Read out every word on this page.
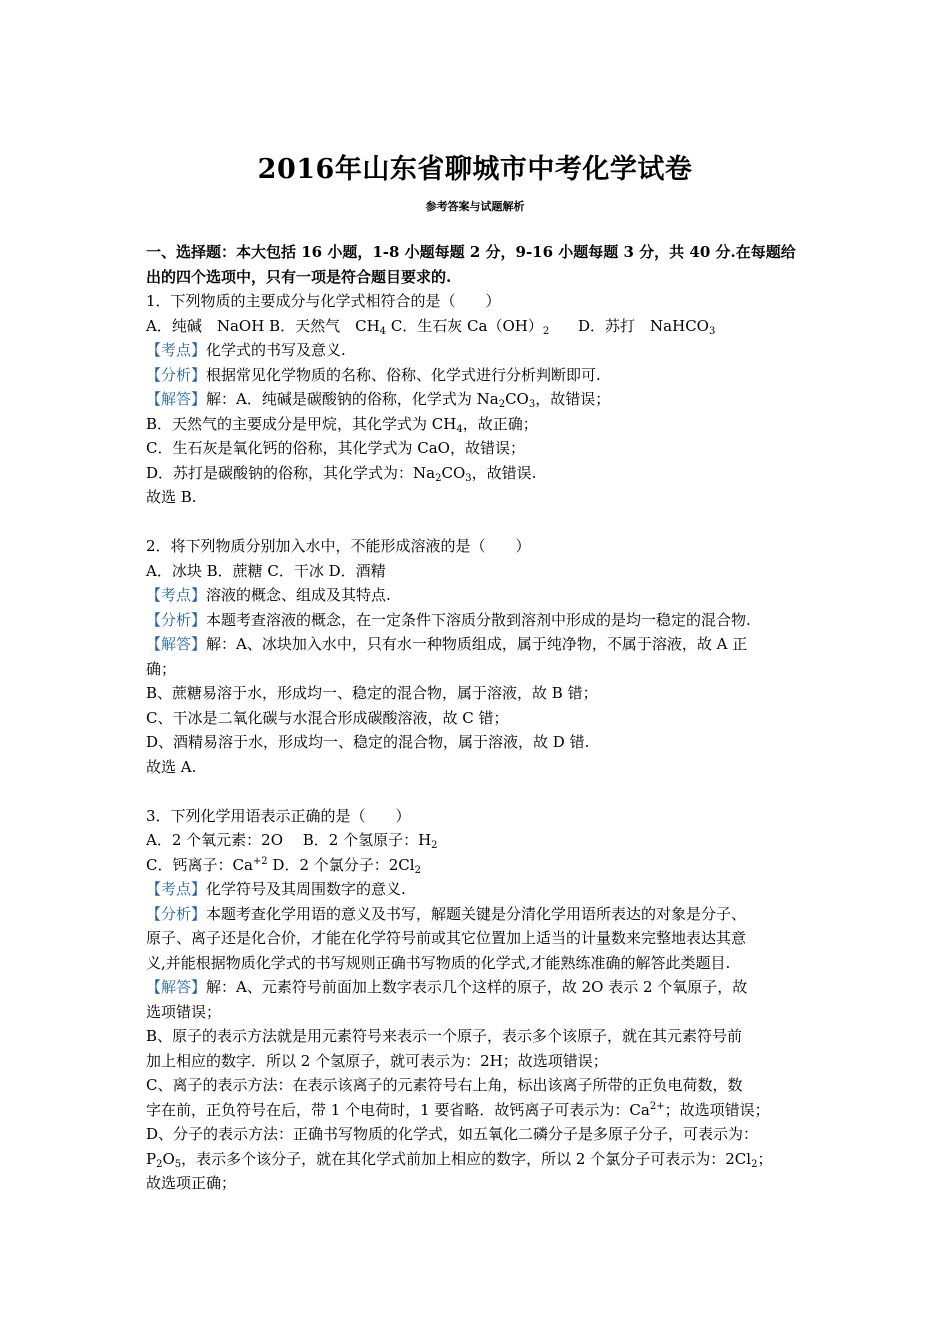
2016年山东省聊城市中考化学试卷
参考答案与试题解析
一、选择题：本大包括 16 小题，1-8 小题每题 2 分，9-16 小题每题 3 分，共 40 分.在每题给
出的四个选项中，只有一项是符合题目要求的.
1．下列物质的主要成分与化学式相符合的是（　　）
A．纯碱　NaOH B．天然气　$CH_4$ C．生石灰 $Ca(OH)_2$ D．苏打　NaHCO$_3$
【考点】化学式的书写及意义.
【分析】根据常见化学物质的名称、俗称、化学式进行分析判断即可.
【解答】解：A．纯碱是碳酸钠的俗称，化学式为 $Na_2CO_3$，故错误；
B．天然气的主要成分是甲烷，其化学式为 $CH_4$，故正确；
C．生石灰是氧化钙的俗称，其化学式为 CaO，故错误；
D．苏打是碳酸钠的俗称，其化学式为：$Na_2CO_3$，故错误.
故选 B.
2．将下列物质分别加入水中，不能形成溶液的是（　　）
A．冰块 B．蔗糖 C．干冰 D．酒精
【考点】溶液的概念、组成及其特点.
【分析】本题考查溶液的概念，在一定条件下溶质分散到溶剂中形成的是均一稳定的混合物.
【解答】解：A、冰块加入水中，只有水一种物质组成，属于纯净物，不属于溶液，故 A 正
确；
B、蔗糖易溶于水，形成均一、稳定的混合物，属于溶液，故 B 错；
C、干冰是二氧化碳与水混合形成碳酸溶液，故 C 错；
D、酒精易溶于水，形成均一、稳定的混合物，属于溶液，故 D 错.
故选 A.
3．下列化学用语表示正确的是（　　）
A．2 个氧元素：2O　 B．2 个氢原子：$H_2$
C．钙离子：$Ca^{+2}$ D．2 个氯分子：$2Cl_2$
【考点】化学符号及其周围数字的意义.
【分析】本题考查化学用语的意义及书写，解题关键是分清化学用语所表达的对象是分子、
原子、离子还是化合价，才能在化学符号前或其它位置加上适当的计量数来完整地表达其意
义,并能根据物质化学式的书写规则正确书写物质的化学式,才能熟练准确的解答此类题目.
【解答】解：A、元素符号前面加上数字表示几个这样的原子，故 2O 表示 2 个氧原子，故
选项错误；
B、原子的表示方法就是用元素符号来表示一个原子，表示多个该原子，就在其元素符号前
加上相应的数字．所以 2 个氢原子，就可表示为：2H；故选项错误；
C、离子的表示方法：在表示该离子的元素符号右上角，标出该离子所带的正负电荷数，数
字在前，正负符号在后，带 1 个电荷时，1 要省略．故钙离子可表示为：$Ca^{2+}$；故选项错误；
D、分子的表示方法：正确书写物质的化学式，如五氧化二磷分子是多原子分子，可表示为：
$P_2O_5$，表示多个该分子，就在其化学式前加上相应的数字，所以 2 个氯分子可表示为：$2Cl_2$；
故选项正确；
